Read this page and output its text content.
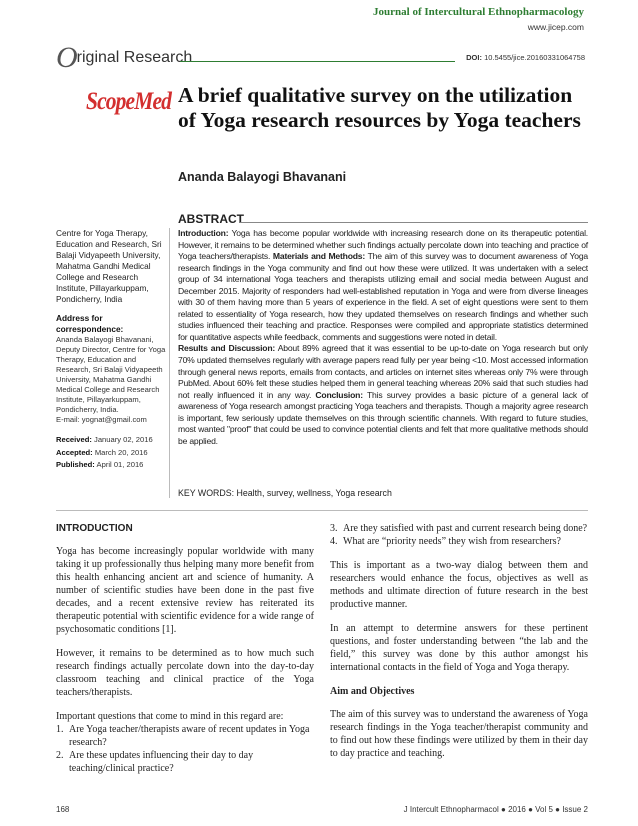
Journal of Intercultural Ethnopharmacology
www.jicep.com
Original Research	DOI: 10.5455/jice.20160331064758
ScopeMed A brief qualitative survey on the utilization of Yoga research resources by Yoga teachers
Ananda Balayogi Bhavanani
ABSTRACT
Introduction: Yoga has become popular worldwide with increasing research done on its therapeutic potential. However, it remains to be determined whether such findings actually percolate down into teaching and practice of Yoga teachers/therapists. Materials and Methods: The aim of this survey was to document awareness of Yoga research findings in the Yoga community and find out how these were utilized. It was undertaken with a select group of 34 international Yoga teachers and therapists utilizing email and social media between August and December 2015. Majority of responders had well-established reputation in Yoga and were from diverse lineages with 30 of them having more than 5 years of experience in the field. A set of eight questions were sent to them related to essentiality of Yoga research, how they updated themselves on research findings and whether such studies influenced their teaching and practice. Responses were compiled and appropriate statistics determined for quantitative aspects while feedback, comments and suggestions were noted in detail.
Results and Discussion: About 89% agreed that it was essential to be up-to-date on Yoga research but only 70% updated themselves regularly with average papers read fully per year being <10. Most accessed information through general news reports, emails from contacts, and articles on internet sites whereas only 7% were through PubMed. About 60% felt these studies helped them in general teaching whereas 20% said that such studies had not really influenced it in any way. Conclusion: This survey provides a basic picture of a general lack of awareness of Yoga research amongst practicing Yoga teachers and therapists. Though a majority agree research is important, few seriously update themselves on this through scientific channels. With regard to future studies, most wanted "proof" that could be used to convince potential clients and felt that more qualitative methods should be applied.
KEY WORDS: Health, survey, wellness, Yoga research
Centre for Yoga Therapy, Education and Research, Sri Balaji Vidyapeeth University, Mahatma Gandhi Medical College and Research Institute, Pillayarkuppam, Pondicherry, India
Address for correspondence:
Ananda Balayogi Bhavanani, Deputy Director, Centre for Yoga Therapy, Education and Research, Sri Balaji Vidyapeeth University, Mahatma Gandhi Medical College and Research Institute, Pillayarkuppam, Pondicherry, India.
E-mail: yognat@gmail.com
Received: January 02, 2016
Accepted: March 20, 2016
Published: April 01, 2016
INTRODUCTION

Yoga has become increasingly popular worldwide with many taking it up professionally thus helping many more benefit from this health enhancing ancient art and science of humanity. A number of scientific studies have been done in the past five decades, and a recent extensive review has reiterated its therapeutic potential with scientific evidence for a wide range of psychosomatic conditions [1].

However, it remains to be determined as to how much such research findings actually percolate down into the day-to-day classroom teaching and clinical practice of the Yoga teachers/therapists.

Important questions that come to mind in this regard are:

1. Are Yoga teacher/therapists aware of recent updates in Yoga research?
2. Are these updates influencing their day to day teaching/clinical practice?
3. Are they satisfied with past and current research being done?
4. What are “priority needs” they wish from researchers?

This is important as a two-way dialog between them and researchers would enhance the focus, objectives as well as methods and ultimate direction of future research in the best productive manner.

In an attempt to determine answers for these pertinent questions, and foster understanding between “the lab and the field,” this survey was done by this author amongst his international contacts in the field of Yoga and Yoga therapy.

Aim and Objectives

The aim of this survey was to understand the awareness of Yoga research findings in the Yoga teacher/therapist community and to find out how these findings were utilized by them in their day to day practice and teaching.

168	J Intercult Ethnopharmacol ● 2016 ● Vol 5 ● Issue 2
